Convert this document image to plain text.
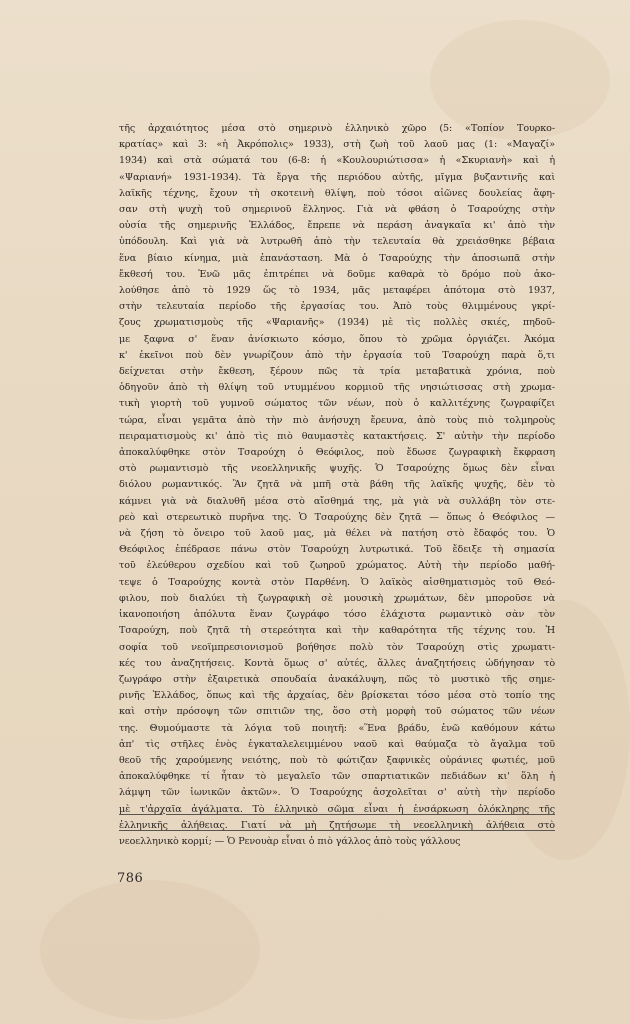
τῆς ἀρχαιότητος μέσα στὸ σημερινὸ ἑλληνικὸ χῶρο (5: «Τοπίον Τουρκο-
κρατίας» καὶ 3: «ἡ Ἀκρόπολις» 1933), στὴ ζωὴ τοῦ λαοῦ μας (1: «Μαγαζί»
1934) καὶ στὰ σώματά του (6-8: ἡ «Κουλουριώτισσα» ἡ «Σκυριανὴ» καὶ ἡ
«Ψαριανή» 1931-1934). Τὰ ἔργα τῆς περιόδου αὐτῆς, μῖγμα βυζαντινῆς καὶ
λαϊκῆς τέχνης, ἔχουν τὴ σκοτεινὴ θλίψη, ποὺ τόσοι αἰῶνες δουλείας ἄφη-
σαν στὴ ψυχὴ τοῦ σημερινοῦ ἕλληνος. Γιὰ νὰ φθάση ὁ Τσαρούχης στὴν
οὐσία τῆς σημερινῆς Ἑλλάδος, ἔπρεπε νὰ περάση ἀναγκαῖα κι' ἀπὸ τὴν
ὑπόδουλη. Καὶ γιὰ νὰ λυτρωθῆ ἀπὸ τὴν τελευταία θὰ χρειάσθηκε βέβαια
ἕνα βίαιο κίνημα, μιὰ ἐπανάσταση. Μὰ ὁ Τσαρούχης τὴν ἀποσιωπᾶ στὴν
ἔκθεσή του. Ἐνῶ μᾶς ἐπιτρέπει νὰ δοῦμε καθαρὰ τὸ δρόμο ποὺ ἀκο-
λούθησε ἀπὸ τὸ 1929 ὥς τὸ 1934, μᾶς μεταφέρει ἀπότομα στὸ 1937,
στὴν τελευταία περίοδο τῆς ἐργασίας του. Ἀπὸ τοὺς θλιμμένους γκρί-
ζους χρωματισμοὺς τῆς «Ψαριανῆς» (1934) μὲ τὶς πολλὲς σκιές, πηδοῦ-
με ξαφνα σ' ἕναν ἀνίσκιωτο κόσμο, ὅπου τὸ χρῶμα ὀργιάζει. Ἀκόμα
κ' ἐκεῖνοι ποὺ δὲν γνωρίζουν ἀπὸ τὴν ἐργασία τοῦ Τσαρούχη παρὰ ὅ,τι
δείχνεται στὴν ἔκθεση, ξέρουν πῶς τὰ τρία μεταβατικὰ χρόνια, ποὺ
ὁδηγοῦν ἀπὸ τὴ θλίψη τοῦ ντυμμένου κορμιοῦ τῆς νησιώτισσας στὴ χρωμα-
τικὴ γιορτὴ τοῦ γυμνοῦ σώματος τῶν νέων, ποὺ ὁ καλλιτέχνης ζωγραφίζει
τώρα, εἶναι γεμᾶτα ἀπὸ τὴν πιὸ ἀνήσυχη ἔρευνα, ἀπὸ τοὺς πιὸ τολμηροὺς
πειραματισμοὺς κι' ἀπὸ τὶς πιὸ θαυμαστὲς κατακτήσεις. Σ' αὐτὴν τὴν περίοδο
ἀποκαλύφθηκε στὸν Τσαρούχη ὁ Θεόφιλος, ποὺ ἔδωσε ζωγραφικὴ ἔκφραση
στὸ ρωμαντισμὸ τῆς νεοελληνικῆς ψυχῆς. Ὁ Τσαρούχης ὅμως δὲν εἶναι
διόλου ρωμαντικός. Ἂν ζητᾶ νὰ μπῆ στὰ βάθη τῆς λαϊκῆς ψυχῆς, δὲν τὸ
κάμνει γιὰ νὰ διαλυθῆ μέσα στὸ αἴσθημά της, μὰ γιὰ νὰ συλλάβη τὸν στε-
ρεὸ καὶ στερεωτικὸ πυρῆνα της. Ὁ Τσαρούχης δὲν ζητᾶ — ὅπως ὁ Θεόφιλος —
νὰ ζήση τὸ ὄνειρο τοῦ λαοῦ μας, μὰ θέλει νὰ πατήση στὸ ἔδαφός του. Ὁ
Θεόφιλος ἐπέδρασε πάνω στὸν Τσαρούχη λυτρωτικά. Τοῦ ἔδειξε τὴ σημασία
τοῦ ἐλεύθερου σχεδίου καὶ τοῦ ζωηροῦ χρώματος. Αὐτὴ τὴν περίοδο μαθή-
τεψε ὁ Τσαρούχης κοντὰ στὸν Παρθένη. Ὁ λαϊκὸς αἰσθηματισμὸς τοῦ Θεό-
φιλου, ποὺ διαλύει τὴ ζωγραφικὴ σὲ μουσικὴ χρωμάτων, δὲν μποροῦσε νὰ
ἱκανοποιήση ἀπόλυτα ἕναν ζωγράφο τόσο ἐλάχιστα ρωμαντικὸ σὰν τὸν
Τσαρούχη, ποὺ ζητᾶ τὴ στερεότητα καὶ τὴν καθαρότητα τῆς τέχνης του. Ἡ
σοφία τοῦ νεοϊμπρεσιονισμοῦ βοήθησε πολὺ τὸν Τσαρούχη στὶς χρωματι-
κές του ἀναζητήσεις. Κοντὰ ὅμως σ' αὐτές, ἄλλες ἀναζητήσεις ὡδήγησαν τὸ
ζωγράφο στὴν ἐξαιρετικὰ σπουδαία ἀνακάλυψη, πῶς τὸ μυστικὸ τῆς σημε-
ρινῆς Ἑλλάδος, ὅπως καὶ τῆς ἀρχαίας, δὲν βρίσκεται τόσο μέσα στὸ τοπίο της
καὶ στὴν πρόσοψη τῶν σπιτιῶν της, ὅσο στὴ μορφὴ τοῦ σώματος τῶν νέων
της. Θυμούμαστε τὰ λόγια τοῦ ποιητῆ: «Ἕνα βράδυ, ἐνῶ καθόμουν κάτω
ἀπ' τὶς στῆλες ἑνὸς ἐγκαταλελειμμένου ναοῦ καὶ θαύμαζα τὸ ἄγαλμα τοῦ
θεοῦ τῆς χαρούμενης νειότης, ποὺ τὸ φώτιζαν ξαφνικὲς οὐράνιες φωτιές, μοῦ
ἀποκαλύφθηκε τί ἦταν τὸ μεγαλεῖο τῶν σπαρτιατικῶν πεδιάδων κι' ὅλη ἡ
λάμψη τῶν ἰωνικῶν ἀκτῶν». Ὁ Τσαρούχης ἀσχολεῖται σ' αὐτὴ τὴν περίοδο
μὲ τ'ἀρχαῖα ἀγάλματα. Τὸ ἑλληνικὸ σῶμα εἶναι ἡ ἐνσάρκωση ὁλόκληρης τῆς
ἑλληνικῆς ἀλήθειας. Γιατί νὰ μὴ ζητήσωμε τὴ νεοελληνικὴ ἀλήθεια στὸ
νεοελληνικὸ κορμί; — Ὁ Ρενουὰρ εἶναι ὁ πιὸ γάλλος ἀπὸ τοὺς γάλλους
786
